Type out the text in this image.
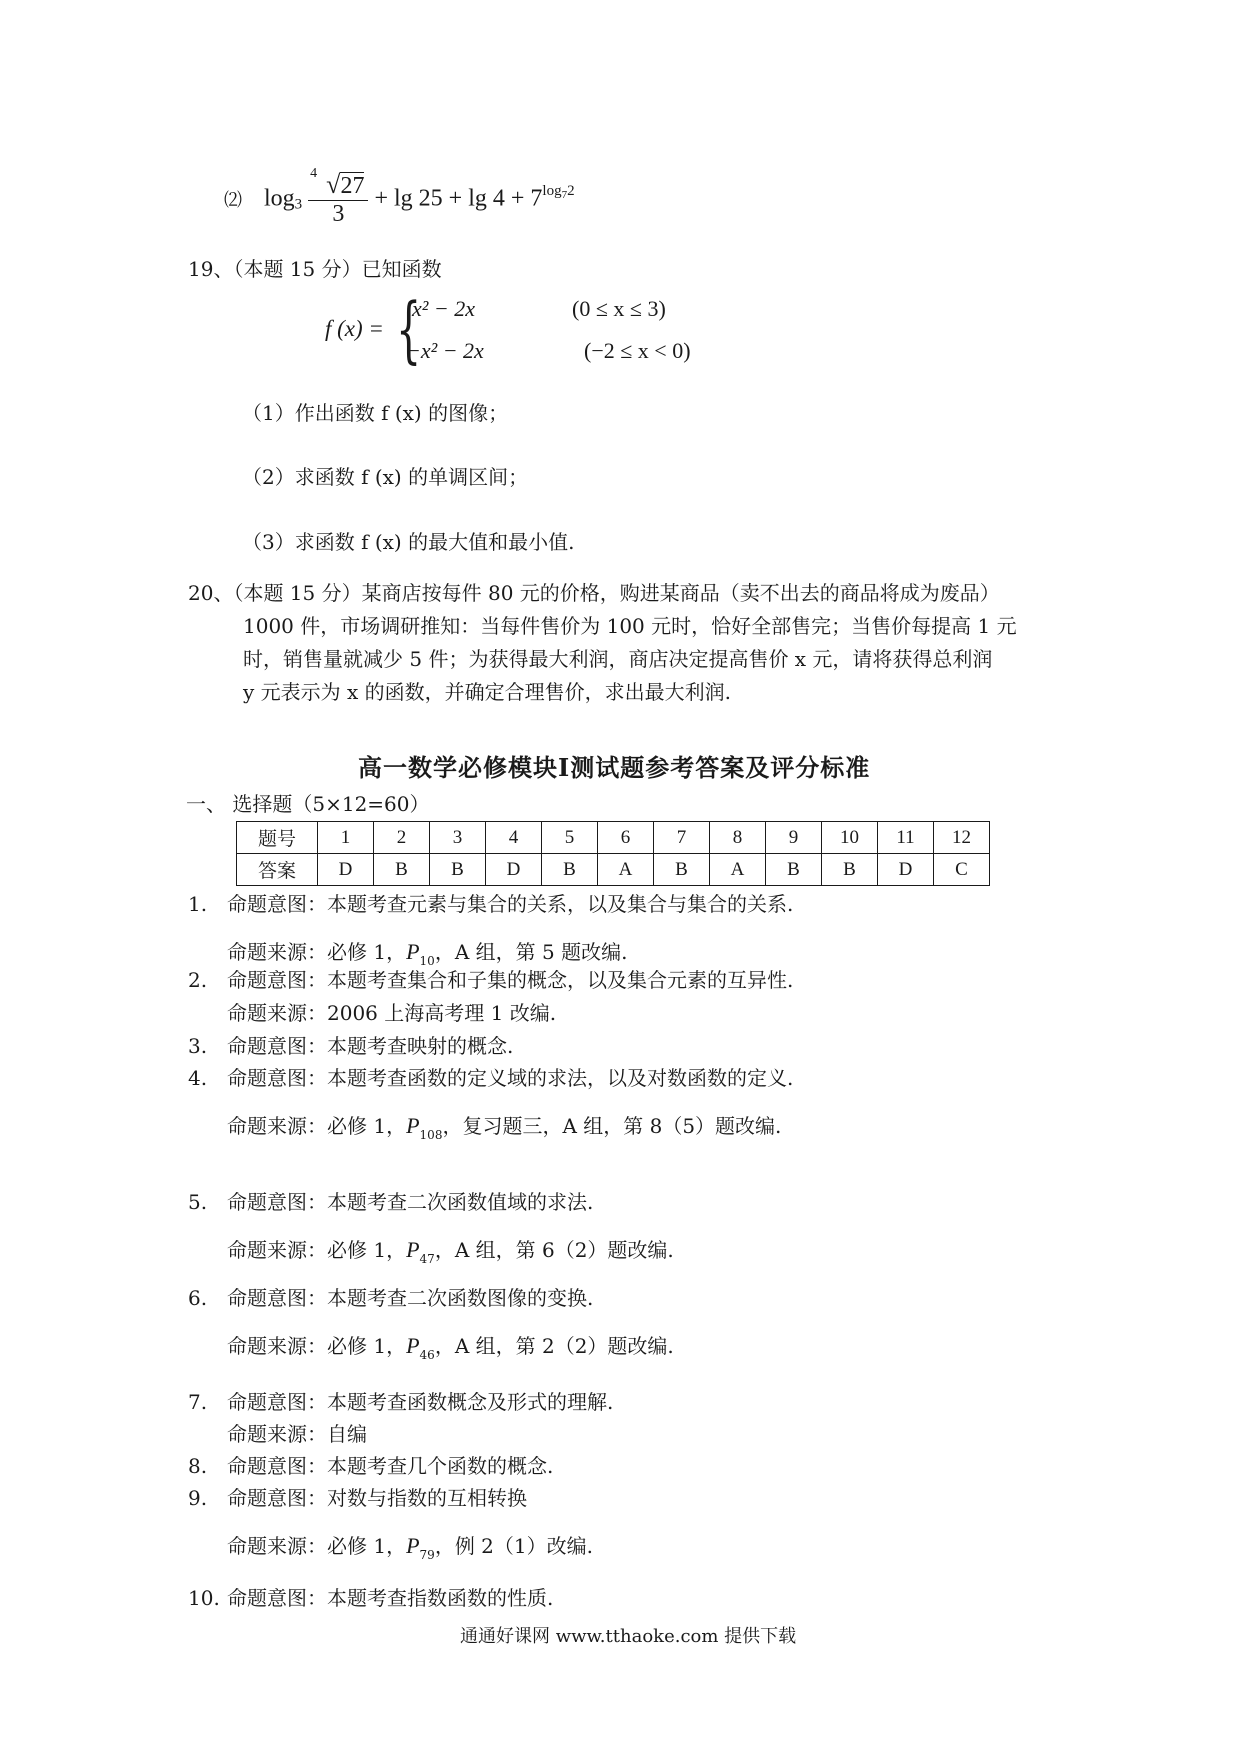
⑵ $\log_3 \frac{4 √27}{3} + \lg 25 + \lg 4 + 7^{log_72}$
19、（本题 15 分）已知函数
f (x) = {
x² − 2x	(0 ≤ x ≤ 3)
−x² − 2x	(−2 ≤ x < 0)
（1）作出函数 f (x) 的图像；
（2）求函数 f (x) 的单调区间；
（3）求函数 f (x) 的最大值和最小值.
20、（本题 15 分）某商店按每件 80 元的价格，购进某商品（卖不出去的商品将成为废品）
1000 件，市场调研推知：当每件售价为 100 元时，恰好全部售完；当售价每提高 1 元
时，销售量就减少 5 件；为获得最大利润，商店决定提高售价 x 元，请将获得总利润
y 元表示为 x 的函数，并确定合理售价，求出最大利润.
高一数学必修模块Ⅰ测试题参考答案及评分标准
一、 选择题（5×12=60）
题号	1	2	3	4	5	6	7	8	9	10	11	12
答案	D	B	B	D	B	A	B	A	B	B	D	C
1. 命题意图：本题考查元素与集合的关系，以及集合与集合的关系.
命题来源：必修 1，$P_{10}$，A 组，第 5 题改编.
2. 命题意图：本题考查集合和子集的概念，以及集合元素的互异性.
命题来源：2006 上海高考理 1 改编.
3. 命题意图：本题考查映射的概念.
4. 命题意图：本题考查函数的定义域的求法，以及对数函数的定义.
命题来源：必修 1，$P_{108}$，复习题三，A 组，第 8（5）题改编.
5. 命题意图：本题考查二次函数值域的求法.
命题来源：必修 1，$P_{47}$，A 组，第 6（2）题改编.
6. 命题意图：本题考查二次函数图像的变换.
命题来源：必修 1，$P_{46}$，A 组，第 2（2）题改编.
7. 命题意图：本题考查函数概念及形式的理解.
命题来源：自编
8. 命题意图：本题考查几个函数的概念.
9. 命题意图：对数与指数的互相转换
命题来源：必修 1，$P_{79}$，例 2（1）改编.
10. 命题意图：本题考查指数函数的性质.
通通好课网 www.tthaoke.com 提供下载
